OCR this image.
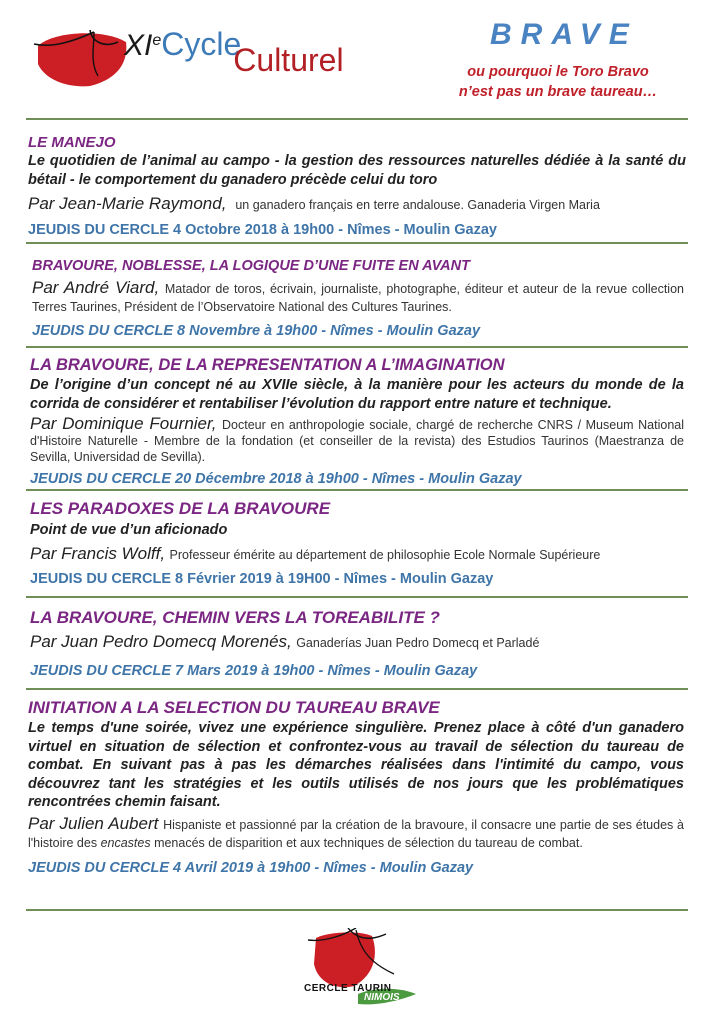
XIeCycleCulturel
BRAVE
ou pourquoi le Toro Bravo
n’est pas un brave taureau…
LE MANEJO
Le quotidien de l’animal au campo - la gestion des ressources naturelles dédiée à la santé du bétail - le comportement du ganadero précède celui du toro
Par Jean-Marie Raymond, un ganadero français en terre andalouse. Ganaderia Virgen Maria
JEUDIS DU CERCLE 4 Octobre 2018 à 19h00 - Nîmes - Moulin Gazay
BRAVOURE, NOBLESSE, LA LOGIQUE D’UNE FUITE EN AVANT
Par André Viard, Matador de toros, écrivain, journaliste, photographe, éditeur et auteur de la revue collection Terres Taurines, Président de l’Observatoire National des Cultures Taurines.
JEUDIS DU CERCLE 8 Novembre à 19h00 - Nîmes - Moulin Gazay
LA BRAVOURE, DE LA REPRESENTATION A L’IMAGINATION
De l’origine d’un concept né au XVIIe siècle, à la manière pour les acteurs du monde de la corrida de considérer et rentabiliser l’évolution du rapport entre nature et technique.
Par Dominique Fournier, Docteur en anthropologie sociale, chargé de recherche CNRS / Museum National d'Histoire Naturelle - Membre de la fondation (et conseiller de la revista) des Estudios Taurinos (Maestranza de Sevilla, Universidad de Sevilla).
JEUDIS DU CERCLE 20 Décembre 2018 à 19h00 - Nîmes - Moulin Gazay
LES PARADOXES DE LA BRAVOURE
Point de vue d’un aficionado
Par Francis Wolff, Professeur émérite au département de philosophie Ecole Normale Supérieure
JEUDIS DU CERCLE 8 Février 2019 à 19H00 - Nîmes - Moulin Gazay
LA BRAVOURE, CHEMIN VERS LA TOREABILITE ?
Par Juan Pedro Domecq Morenés, Ganaderías Juan Pedro Domecq et Parladé
JEUDIS DU CERCLE 7 Mars 2019 à 19h00 - Nîmes - Moulin Gazay
INITIATION A LA SELECTION DU TAUREAU BRAVE
Le temps d'une soirée, vivez une expérience singulière. Prenez place à côté d'un ganadero virtuel en situation de sélection et confrontez-vous au travail de sélection du taureau de combat. En suivant pas à pas les démarches réalisées dans l'intimité du campo, vous découvrez tant les stratégies et les outils utilisés de nos jours que les problématiques rencontrées chemin faisant.
Par Julien Aubert Hispaniste et passionné par la création de la bravoure, il consacre une partie de ses études à l'histoire des encastes menacés de disparition et aux techniques de sélection du taureau de combat.
JEUDIS DU CERCLE 4 Avril 2019 à 19h00 - Nîmes - Moulin Gazay
CERCLE TAURIN
NIMOIS
